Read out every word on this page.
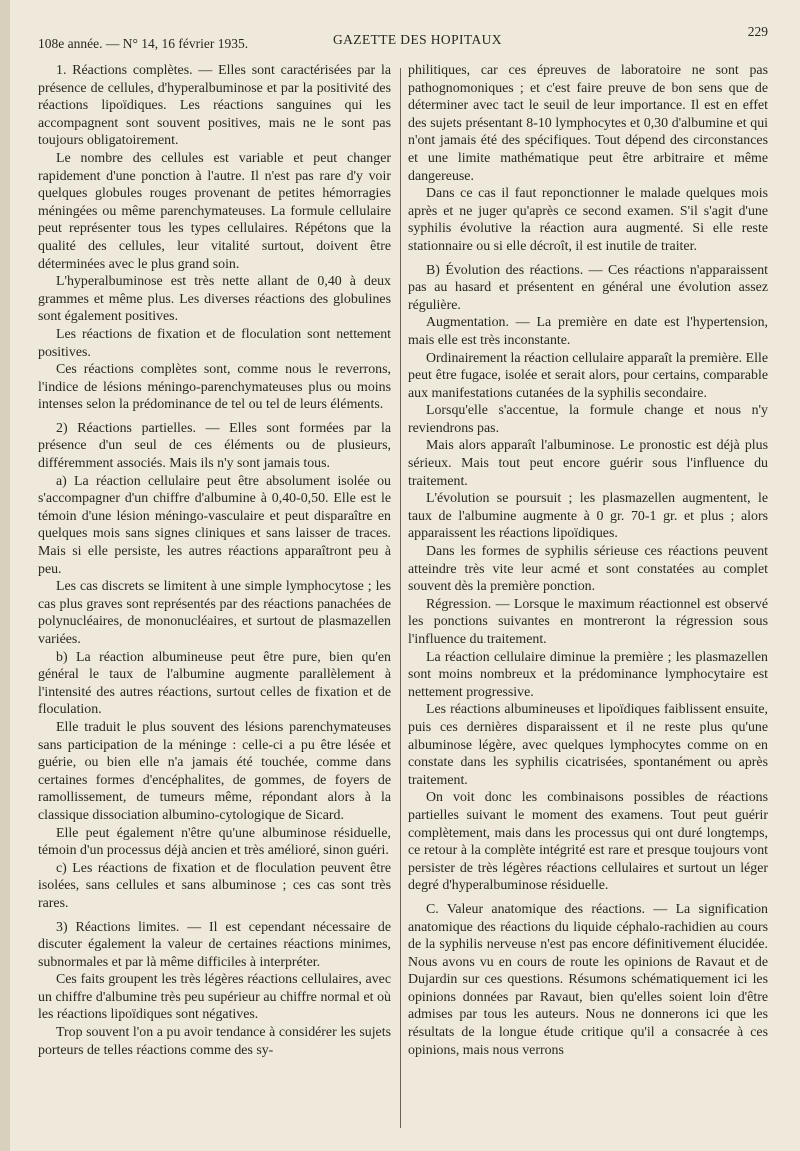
108e année. — N° 14, 16 février 1935.	GAZETTE DES HOPITAUX
229

1. Réactions complètes. — Elles sont caractérisées par la présence de cellules, d'hyperalbuminose et par la positivité des réactions lipoïdiques. Les réactions sanguines qui les accompagnent sont souvent positives, mais ne le sont pas toujours obligatoirement.

Le nombre des cellules est variable et peut changer rapidement d'une ponction à l'autre. Il n'est pas rare d'y voir quelques globules rouges provenant de petites hémorragies méningées ou même parenchymateuses. La formule cellulaire peut représenter tous les types cellulaires. Répétons que la qualité des cellules, leur vitalité surtout, doivent être déterminées avec le plus grand soin.

L'hyperalbuminose est très nette allant de 0,40 à deux grammes et même plus. Les diverses réactions des globulines sont également positives.

Les réactions de fixation et de floculation sont nettement positives.

Ces réactions complètes sont, comme nous le reverrons, l'indice de lésions méningo-parenchymateuses plus ou moins intenses selon la prédominance de tel ou tel de leurs éléments.

2) Réactions partielles. — Elles sont formées par la présence d'un seul de ces éléments ou de plusieurs, différemment associés. Mais ils n'y sont jamais tous.

a) La réaction cellulaire peut être absolument isolée ou s'accompagner d'un chiffre d'albumine à 0,40-0,50. Elle est le témoin d'une lésion méningo-vasculaire et peut disparaître en quelques mois sans signes cliniques et sans laisser de traces. Mais si elle persiste, les autres réactions apparaîtront peu à peu.

Les cas discrets se limitent à une simple lymphocytose ; les cas plus graves sont représentés par des réactions panachées de polynucléaires, de mononucléaires, et surtout de plasmazellen variées.

b) La réaction albumineuse peut être pure, bien qu'en général le taux de l'albumine augmente parallèlement à l'intensité des autres réactions, surtout celles de fixation et de floculation.

Elle traduit le plus souvent des lésions parenchymateuses sans participation de la méninge : celle-ci a pu être lésée et guérie, ou bien elle n'a jamais été touchée, comme dans certaines formes d'encéphalites, de gommes, de foyers de ramollissement, de tumeurs même, répondant alors à la classique dissociation albumino-cytologique de Sicard.

Elle peut également n'être qu'une albuminose résiduelle, témoin d'un processus déjà ancien et très amélioré, sinon guéri.

c) Les réactions de fixation et de floculation peuvent être isolées, sans cellules et sans albuminose ; ces cas sont très rares.

3) Réactions limites. — Il est cependant nécessaire de discuter également la valeur de certaines réactions minimes, subnormales et par là même difficiles à interpréter.

Ces faits groupent les très légères réactions cellulaires, avec un chiffre d'albumine très peu supérieur au chiffre normal et où les réactions lipoïdiques sont négatives.

Trop souvent l'on a pu avoir tendance à considérer les sujets porteurs de telles réactions comme des sy-

philitiques, car ces épreuves de laboratoire ne sont pas pathognomoniques ; et c'est faire preuve de bon sens que de déterminer avec tact le seuil de leur importance. Il est en effet des sujets présentant 8-10 lymphocytes et 0,30 d'albumine et qui n'ont jamais été des spécifiques. Tout dépend des circonstances et une limite mathématique peut être arbitraire et même dangereuse.

Dans ce cas il faut reponctionner le malade quelques mois après et ne juger qu'après ce second examen. S'il s'agit d'une syphilis évolutive la réaction aura augmenté. Si elle reste stationnaire ou si elle décroît, il est inutile de traiter.

B) Évolution des réactions. — Ces réactions n'apparaissent pas au hasard et présentent en général une évolution assez régulière.

Augmentation. — La première en date est l'hypertension, mais elle est très inconstante.

Ordinairement la réaction cellulaire apparaît la première. Elle peut être fugace, isolée et serait alors, pour certains, comparable aux manifestations cutanées de la syphilis secondaire.

Lorsqu'elle s'accentue, la formule change et nous n'y reviendrons pas.

Mais alors apparaît l'albuminose. Le pronostic est déjà plus sérieux. Mais tout peut encore guérir sous l'influence du traitement.

L'évolution se poursuit ; les plasmazellen augmentent, le taux de l'albumine augmente à 0 gr. 70-1 gr. et plus ; alors apparaissent les réactions lipoïdiques.

Dans les formes de syphilis sérieuse ces réactions peuvent atteindre très vite leur acmé et sont constatées au complet souvent dès la première ponction.

Régression. — Lorsque le maximum réactionnel est observé les ponctions suivantes en montreront la régression sous l'influence du traitement.

La réaction cellulaire diminue la première ; les plasmazellen sont moins nombreux et la prédominance lymphocytaire est nettement progressive.

Les réactions albumineuses et lipoïdiques faiblissent ensuite, puis ces dernières disparaissent et il ne reste plus qu'une albuminose légère, avec quelques lymphocytes comme on en constate dans les syphilis cicatrisées, spontanément ou après traitement.

On voit donc les combinaisons possibles de réactions partielles suivant le moment des examens. Tout peut guérir complètement, mais dans les processus qui ont duré longtemps, ce retour à la complète intégrité est rare et presque toujours vont persister de très légères réactions cellulaires et surtout un léger degré d'hyperalbuminose résiduelle.

C. Valeur anatomique des réactions. — La signification anatomique des réactions du liquide céphalo-rachidien au cours de la syphilis nerveuse n'est pas encore définitivement élucidée. Nous avons vu en cours de route les opinions de Ravaut et de Dujardin sur ces questions. Résumons schématiquement ici les opinions données par Ravaut, bien qu'elles soient loin d'être admises par tous les auteurs. Nous ne donnerons ici que les résultats de la longue étude critique qu'il a consacrée à ces opinions, mais nous verrons
